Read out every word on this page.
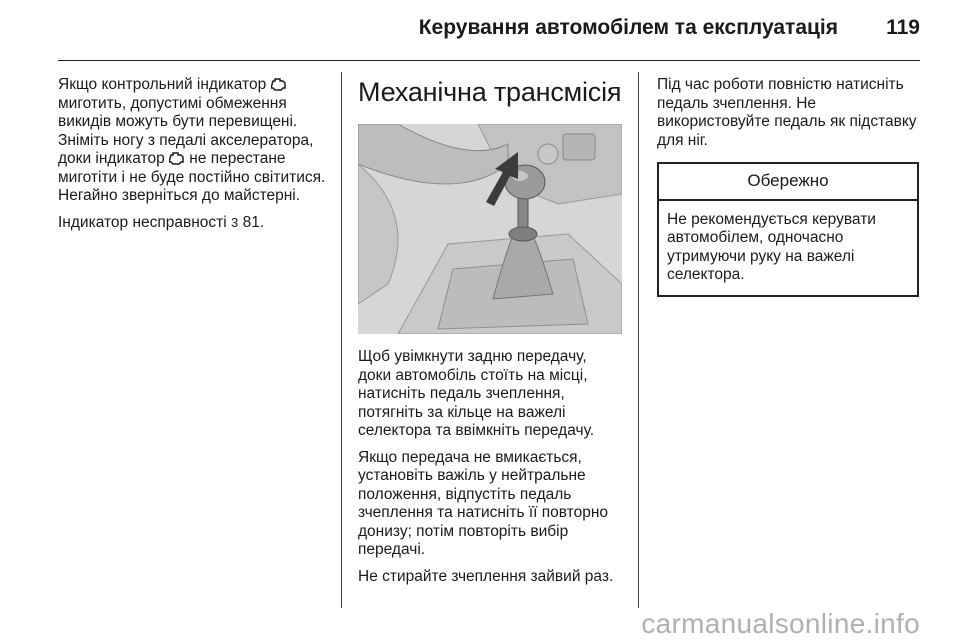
Керування автомобілем та експлуатація 119

Якщо контрольний індикатор  миготить, допустимі обмеження викидів можуть бути перевищені. Зніміть ногу з педалі акселератора, доки індикатор  не перестане миготіти і не буде постійно світитися. Негайно зверніться до майстерні.

Індикатор несправності 3 81.

Механічна трансмісія

Щоб увімкнути задню передачу, доки автомобіль стоїть на місці, натисніть педаль зчеплення, потягніть за кільце на важелі селектора та ввімкніть передачу.

Якщо передача не вмикається, установіть важіль у нейтральне положення, відпустіть педаль зчеплення та натисніть її повторно донизу; потім повторіть вибір передачі.

Не стирайте зчеплення зайвий раз.

Під час роботи повністю натисніть педаль зчеплення. Не використовуйте педаль як підставку для ніг.

Обережно
Не рекомендується керувати автомобілем, одночасно утримуючи руку на важелі селектора.
carmanualsonline.info
